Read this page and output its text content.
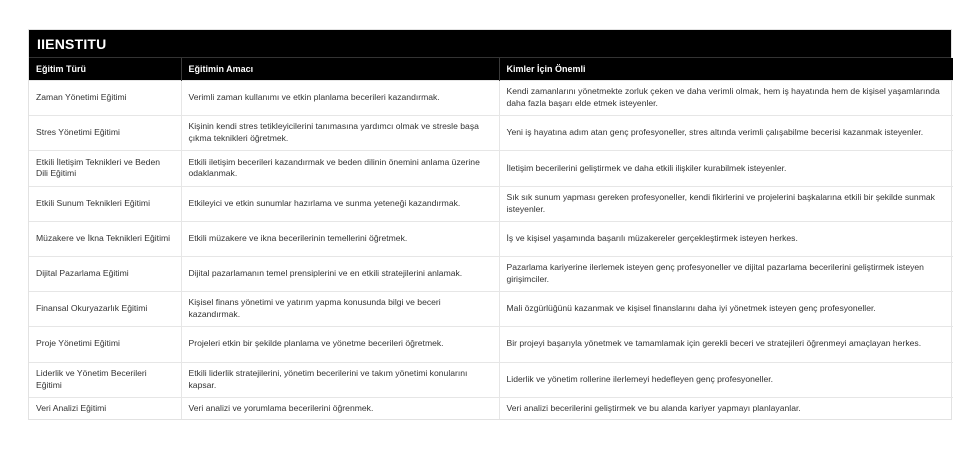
IIENSTITU
Eğitim Türü	Eğitimin Amacı	Kimler İçin Önemli
Zaman Yönetimi Eğitimi	Verimli zaman kullanımı ve etkin planlama becerileri kazandırmak.	Kendi zamanlarını yönetmekte zorluk çeken ve daha verimli olmak, hem iş hayatında hem de kişisel yaşamlarında daha fazla başarı elde etmek isteyenler.
Stres Yönetimi Eğitimi	Kişinin kendi stres tetikleyicilerini tanımasına yardımcı olmak ve stresle başa çıkma teknikleri öğretmek.	Yeni iş hayatına adım atan genç profesyoneller, stres altında verimli çalışabilme becerisi kazanmak isteyenler.
Etkili İletişim Teknikleri ve Beden Dili Eğitimi	Etkili iletişim becerileri kazandırmak ve beden dilinin önemini anlama üzerine odaklanmak.	İletişim becerilerini geliştirmek ve daha etkili ilişkiler kurabilmek isteyenler.
Etkili Sunum Teknikleri Eğitimi	Etkileyici ve etkin sunumlar hazırlama ve sunma yeteneği kazandırmak.	Sık sık sunum yapması gereken profesyoneller, kendi fikirlerini ve projelerini başkalarına etkili bir şekilde sunmak isteyenler.
Müzakere ve İkna Teknikleri Eğitimi	Etkili müzakere ve ikna becerilerinin temellerini öğretmek.	İş ve kişisel yaşamında başarılı müzakereler gerçekleştirmek isteyen herkes.
Dijital Pazarlama Eğitimi	Dijital pazarlamanın temel prensiplerini ve en etkili stratejilerini anlamak.	Pazarlama kariyerine ilerlemek isteyen genç profesyoneller ve dijital pazarlama becerilerini geliştirmek isteyen girişimciler.
Finansal Okuryazarlık Eğitimi	Kişisel finans yönetimi ve yatırım yapma konusunda bilgi ve beceri kazandırmak.	Mali özgürlüğünü kazanmak ve kişisel finanslarını daha iyi yönetmek isteyen genç profesyoneller.
Proje Yönetimi Eğitimi	Projeleri etkin bir şekilde planlama ve yönetme becerileri öğretmek.	Bir projeyi başarıyla yönetmek ve tamamlamak için gerekli beceri ve stratejileri öğrenmeyi amaçlayan herkes.
Liderlik ve Yönetim Becerileri Eğitimi	Etkili liderlik stratejilerini, yönetim becerilerini ve takım yönetimi konularını kapsar.	Liderlik ve yönetim rollerine ilerlemeyi hedefleyen genç profesyoneller.
Veri Analizi Eğitimi	Veri analizi ve yorumlama becerilerini öğrenmek.	Veri analizi becerilerini geliştirmek ve bu alanda kariyer yapmayı planlayanlar.
